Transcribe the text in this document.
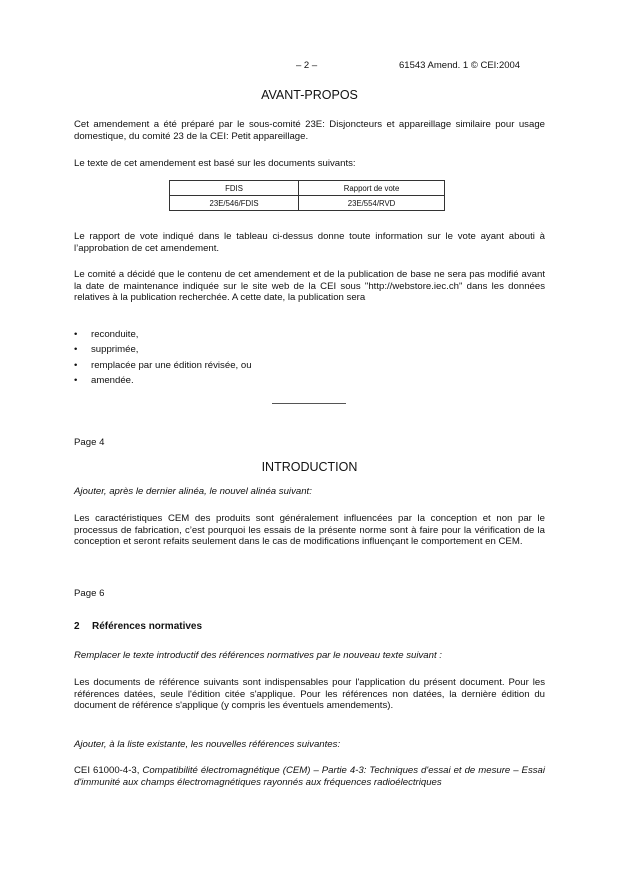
– 2 –	61543 Amend. 1 © CEI:2004
AVANT-PROPOS

Cet amendement a été préparé par le sous-comité 23E: Disjoncteurs et appareillage similaire pour usage domestique, du comité 23 de la CEI: Petit appareillage.

Le texte de cet amendement est basé sur les documents suivants:

FDIS	Rapport de vote
23E/546/FDIS	23E/554/RVD

Le rapport de vote indiqué dans le tableau ci-dessus donne toute information sur le vote ayant abouti à l’approbation de cet amendement.

Le comité a décidé que le contenu de cet amendement et de la publication de base ne sera pas modifié avant la date de maintenance indiquée sur le site web de la CEI sous "http://webstore.iec.ch" dans les données relatives à la publication recherchée. A cette date, la publication sera

• reconduite,
• supprimée,
• remplacée par une édition révisée, ou
• amendée.
Page 4
INTRODUCTION

Ajouter, après le dernier alinéa, le nouvel alinéa suivant:

Les caractéristiques CEM des produits sont généralement influencées par la conception et non par le processus de fabrication, c’est pourquoi les essais de la présente norme sont à faire pour la vérification de la conception et seront refaits seulement dans le cas de modifications influençant le comportement en CEM.

Page 6
2 Références normatives

Remplacer le texte introductif des références normatives par le nouveau texte suivant :

Les documents de référence suivants sont indispensables pour l'application du présent document. Pour les références datées, seule l'édition citée s'applique. Pour les références non datées, la dernière édition du document de référence s'applique (y compris les éventuels amendements).

Ajouter, à la liste existante, les nouvelles références suivantes:

CEI 61000-4-3, Compatibilité électromagnétique (CEM) – Partie 4-3: Techniques d'essai et de mesure – Essai d'immunité aux champs électromagnétiques rayonnés aux fréquences radioélectriques
